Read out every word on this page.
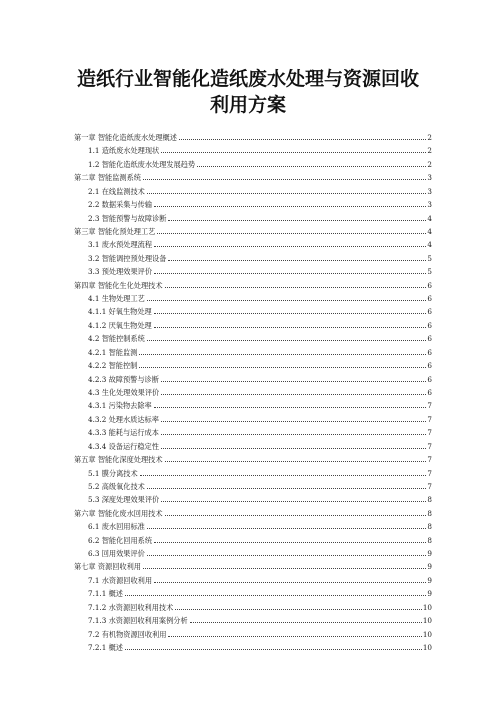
造纸行业智能化造纸废水处理与资源回收
利用方案
第一章 智能化造纸废水处理概述	2
1.1 造纸废水处理现状	2
1.2 智能化造纸废水处理发展趋势	2
第二章 智能监测系统	3
2.1 在线监测技术	3
2.2 数据采集与传输	3
2.3 智能预警与故障诊断	4
第三章 智能化预处理工艺	4
3.1 废水预处理流程	4
3.2 智能调控预处理设备	5
3.3 预处理效果评价	5
第四章 智能化生化处理技术	6
4.1 生物处理工艺	6
4.1.1 好氧生物处理	6
4.1.2 厌氧生物处理	6
4.2 智能控制系统	6
4.2.1 智能监测	6
4.2.2 智能控制	6
4.2.3 故障预警与诊断	6
4.3 生化处理效果评价	6
4.3.1 污染物去除率	7
4.3.2 处理水质达标率	7
4.3.3 能耗与运行成本	7
4.3.4 设备运行稳定性	7
第五章 智能化深度处理技术	7
5.1 膜分离技术	7
5.2 高级氧化技术	7
5.3 深度处理效果评价	8
第六章 智能化废水回用技术	8
6.1 废水回用标准	8
6.2 智能化回用系统	8
6.3 回用效果评价	9
第七章 资源回收利用	9
7.1 水资源回收利用	9
7.1.1 概述	9
7.1.2 水资源回收利用技术	10
7.1.3 水资源回收利用案例分析	10
7.2 有机物资源回收利用	10
7.2.1 概述	10
